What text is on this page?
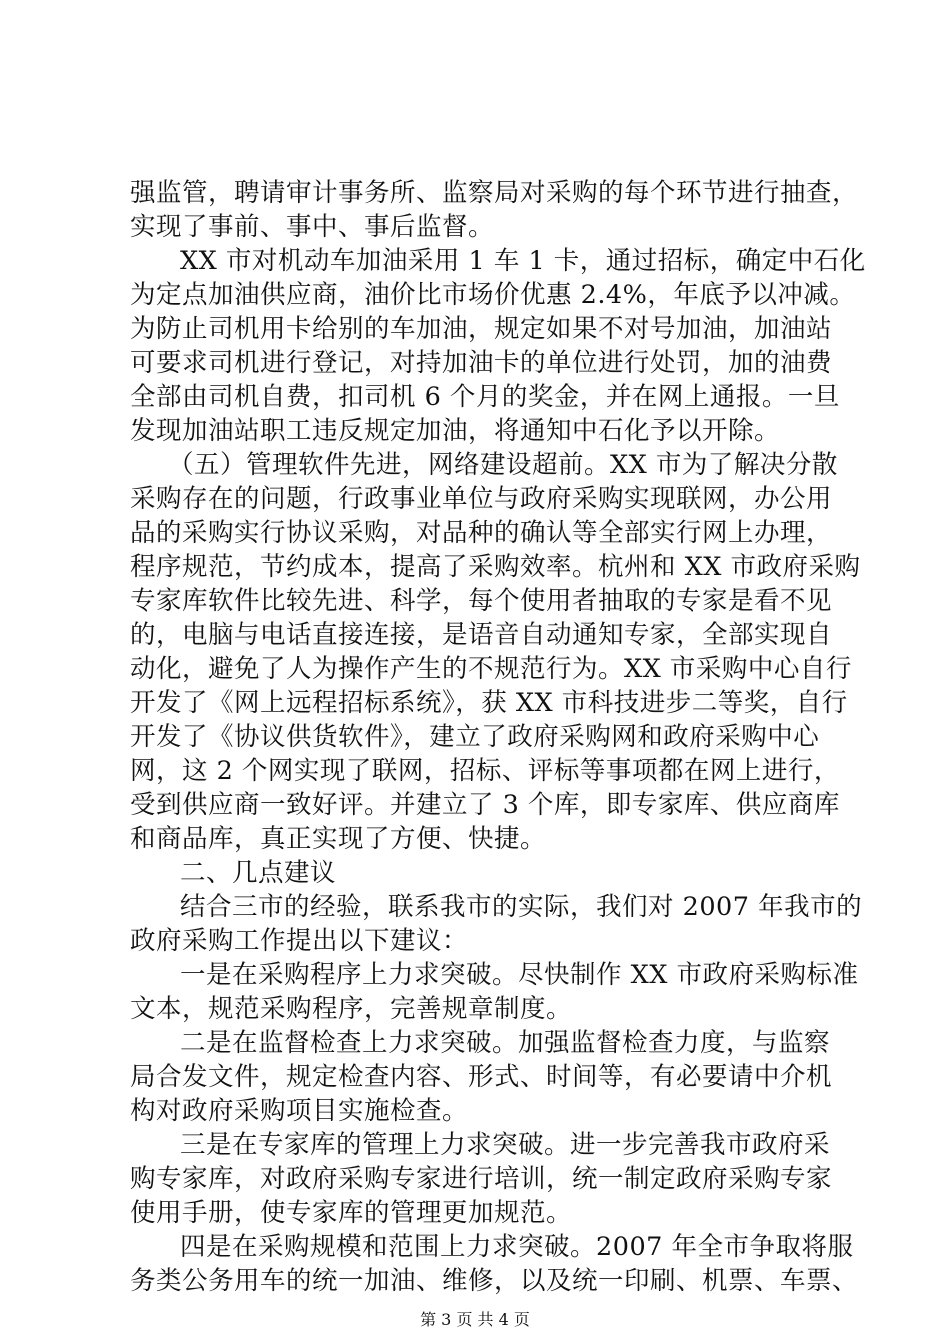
强监管，聘请审计事务所、监察局对采购的每个环节进行抽查，
实现了事前、事中、事后监督。
XX 市对机动车加油采用 1 车 1 卡，通过招标，确定中石化
为定点加油供应商，油价比市场价优惠 2.4%，年底予以冲减。
为防止司机用卡给别的车加油，规定如果不对号加油，加油站
可要求司机进行登记，对持加油卡的单位进行处罚，加的油费
全部由司机自费，扣司机 6 个月的奖金，并在网上通报。一旦
发现加油站职工违反规定加油，将通知中石化予以开除。
（五）管理软件先进，网络建设超前。XX 市为了解决分散
采购存在的问题，行政事业单位与政府采购实现联网，办公用
品的采购实行协议采购，对品种的确认等全部实行网上办理，
程序规范，节约成本，提高了采购效率。杭州和 XX 市政府采购
专家库软件比较先进、科学，每个使用者抽取的专家是看不见
的，电脑与电话直接连接，是语音自动通知专家，全部实现自
动化，避免了人为操作产生的不规范行为。XX 市采购中心自行
开发了《网上远程招标系统》，获 XX 市科技进步二等奖，自行
开发了《协议供货软件》，建立了政府采购网和政府采购中心
网，这 2 个网实现了联网，招标、评标等事项都在网上进行，
受到供应商一致好评。并建立了 3 个库，即专家库、供应商库
和商品库，真正实现了方便、快捷。
二、几点建议
结合三市的经验，联系我市的实际，我们对 2007 年我市的
政府采购工作提出以下建议：
一是在采购程序上力求突破。尽快制作 XX 市政府采购标准
文本，规范采购程序，完善规章制度。
二是在监督检查上力求突破。加强监督检查力度，与监察
局合发文件，规定检查内容、形式、时间等，有必要请中介机
构对政府采购项目实施检查。
三是在专家库的管理上力求突破。进一步完善我市政府采
购专家库，对政府采购专家进行培训，统一制定政府采购专家
使用手册，使专家库的管理更加规范。
四是在采购规模和范围上力求突破。2007 年全市争取将服
务类公务用车的统一加油、维修，以及统一印刷、机票、车票、
第 3 页 共 4 页
